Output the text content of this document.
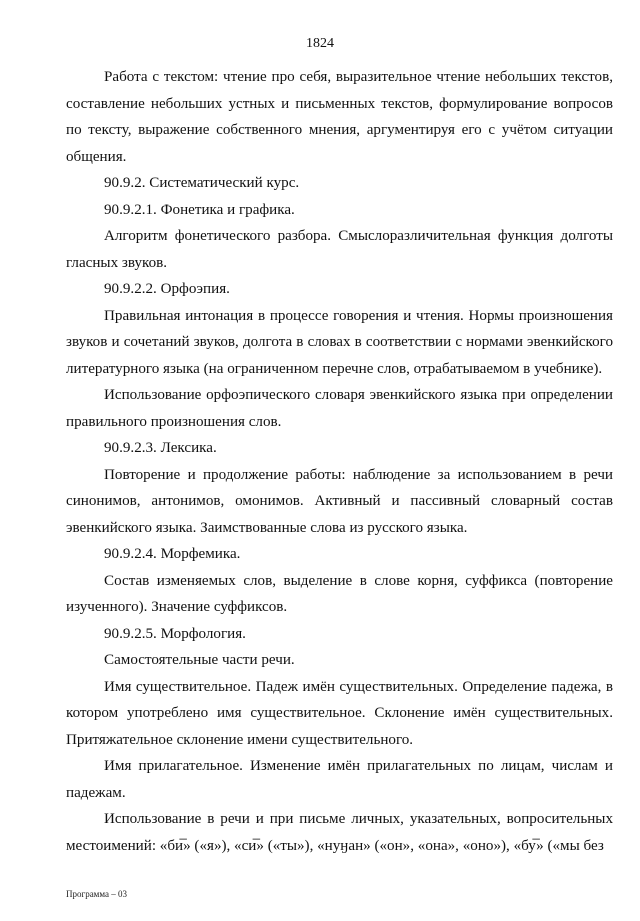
1824

Работа с текстом: чтение про себя, выразительное чтение небольших текстов, составление небольших устных и письменных текстов, формулирование вопросов по тексту, выражение собственного мнения, аргументируя его с учётом ситуации общения.

90.9.2. Систематический курс.

90.9.2.1. Фонетика и графика.

Алгоритм фонетического разбора. Смыслоразличительная функция долготы гласных звуков.

90.9.2.2. Орфоэпия.

Правильная интонация в процессе говорения и чтения. Нормы произношения звуков и сочетаний звуков, долгота в словах в соответствии с нормами эвенкийского литературного языка (на ограниченном перечне слов, отрабатываемом в учебнике).

Использование орфоэпического словаря эвенкийского языка при определении правильного произношения слов.

90.9.2.3. Лексика.

Повторение и продолжение работы: наблюдение за использованием в речи синонимов, антонимов, омонимов. Активный и пассивный словарный состав эвенкийского языка. Заимствованные слова из русского языка.

90.9.2.4. Морфемика.

Состав изменяемых слов, выделение в слове корня, суффикса (повторение изученного). Значение суффиксов.

90.9.2.5. Морфология.

Самостоятельные части речи.

Имя существительное. Падеж имён существительных. Определение падежа, в котором употреблено имя существительное. Склонение имён существительных. Притяжательное склонение имени существительного.

Имя прилагательное. Изменение имён прилагательных по лицам, числам и падежам.

Использование в речи и при письме личных, указательных, вопросительных местоимений: «би̅» («я»), «си̅» («ты»), «нуӈан» («он», «она», «оно»), «бу̅» («мы без

Программа – 03
